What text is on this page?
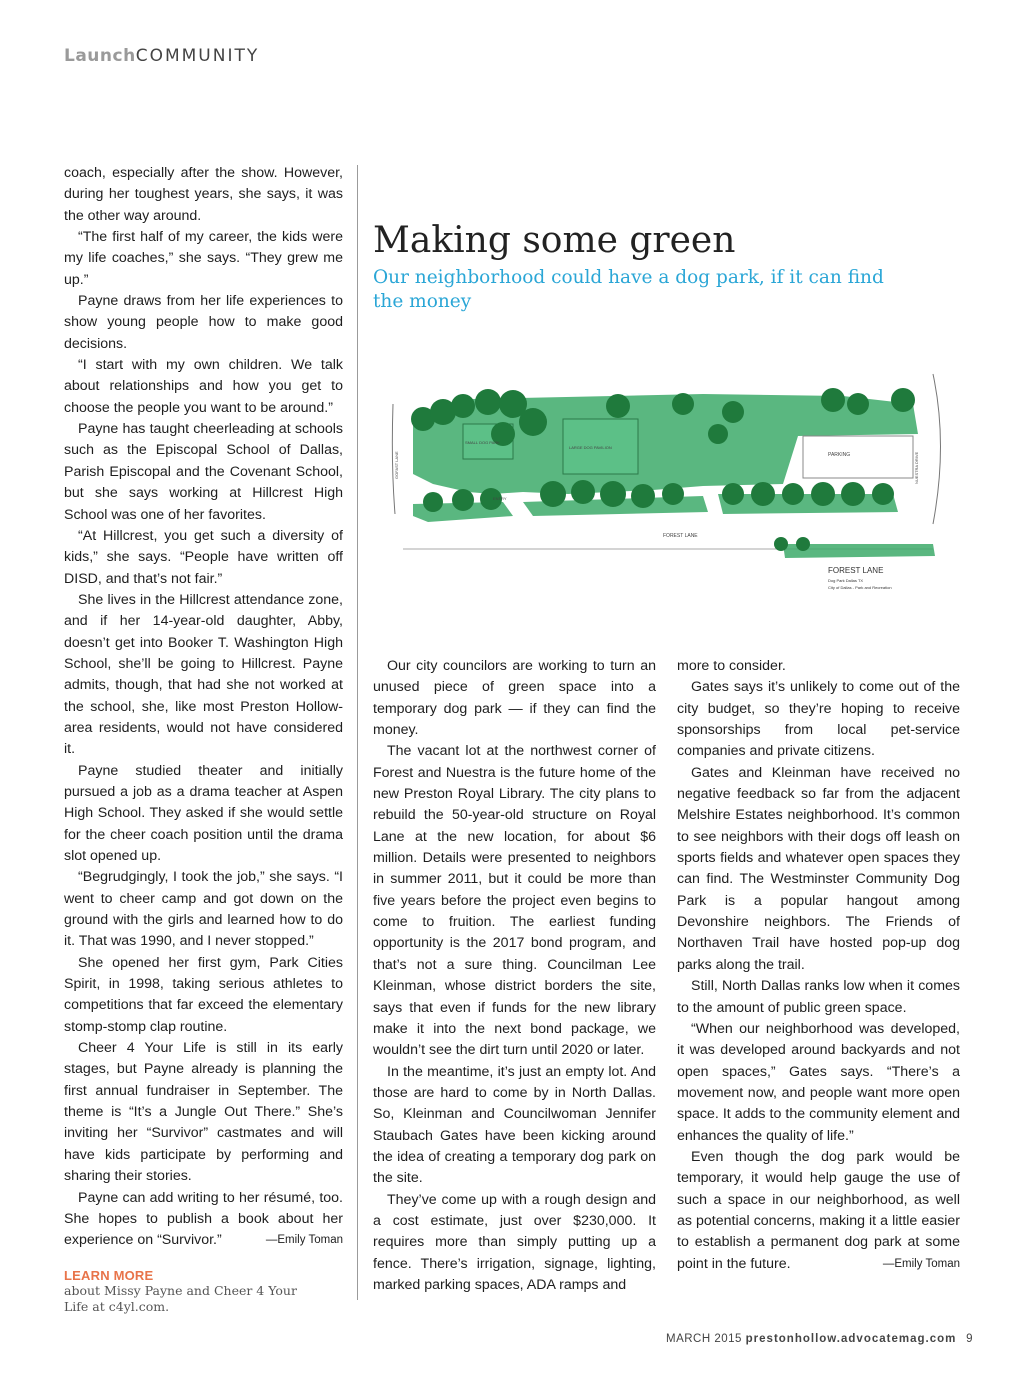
LaunchCOMMUNITY

coach, especially after the show. However, during her toughest years, she says, it was the other way around.

“The first half of my career, the kids were my life coaches,” she says. “They grew me up.”

Payne draws from her life experiences to show young people how to make good decisions.

“I start with my own children. We talk about relationships and how you get to choose the people you want to be around.”

Payne has taught cheerleading at schools such as the Episcopal School of Dallas, Parish Episcopal and the Covenant School, but she says working at Hillcrest High School was one of her favorites.

“At Hillcrest, you get such a diversity of kids,” she says. “People have written off DISD, and that’s not fair.”

She lives in the Hillcrest attendance zone, and if her 14-year-old daughter, Abby, doesn’t get into Booker T. Washington High School, she’ll be going to Hillcrest. Payne admits, though, that had she not worked at the school, she, like most Preston Hollow-area residents, would not have considered it.

Payne studied theater and initially pursued a job as a drama teacher at Aspen High School. They asked if she would settle for the cheer coach position until the drama slot opened up.

“Begrudgingly, I took the job,” she says. “I went to cheer camp and got down on the ground with the girls and learned how to do it. That was 1990, and I never stopped.”

She opened her first gym, Park Cities Spirit, in 1998, taking serious athletes to competitions that far exceed the elementary stomp-stomp clap routine.

Cheer 4 Your Life is still in its early stages, but Payne already is planning the first annual fundraiser in September. The theme is “It’s a Jungle Out There.” She’s inviting her “Survivor” castmates and will have kids participate by performing and sharing their stories.

Payne can add writing to her résumé, too. She hopes to publish a book about her experience on “Survivor.”	—Emily Toman

LEARN MORE
about Missy Payne and Cheer 4 Your Life at c4yl.com.
Making some green
Our neighborhood could have a dog park, if it can find the money
PARKING
LARGE DOG PAVILION
SMALL DOG PARK
ENTRY
FOREST LANE
FOREST LANE
Dog Park Dallas TX
City of Dallas - Park and Recreation
GOFAST LANE	NUESTRA DRIVE

Our city councilors are working to turn an unused piece of green space into a temporary dog park — if they can find the money.

The vacant lot at the northwest corner of Forest and Nuestra is the future home of the new Preston Royal Library. The city plans to rebuild the 50-year-old structure on Royal Lane at the new location, for about $6 million. Details were presented to neighbors in summer 2011, but it could be more than five years before the project even begins to come to fruition. The earliest funding opportunity is the 2017 bond program, and that’s not a sure thing. Councilman Lee Kleinman, whose district borders the site, says that even if funds for the new library make it into the next bond package, we wouldn’t see the dirt turn until 2020 or later.

In the meantime, it’s just an empty lot. And those are hard to come by in North Dallas. So, Kleinman and Councilwoman Jennifer Staubach Gates have been kicking around the idea of creating a temporary dog park on the site.

They’ve come up with a rough design and a cost estimate, just over $230,000. It requires more than simply putting up a fence. There’s irrigation, signage, lighting, marked parking spaces, ADA ramps and

more to consider.

Gates says it’s unlikely to come out of the city budget, so they’re hoping to receive sponsorships from local pet-service companies and private citizens.

Gates and Kleinman have received no negative feedback so far from the adjacent Melshire Estates neighborhood. It’s common to see neighbors with their dogs off leash on sports fields and whatever open spaces they can find. The Westminster Community Dog Park is a popular hangout among Devonshire neighbors. The Friends of Northaven Trail have hosted pop-up dog parks along the trail.

Still, North Dallas ranks low when it comes to the amount of public green space.

“When our neighborhood was developed, it was developed around backyards and not open spaces,” Gates says. “There’s a movement now, and people want more open space. It adds to the community element and enhances the quality of life.”

Even though the dog park would be temporary, it would help gauge the use of such a space in our neighborhood, as well as potential concerns, making it a little easier to establish a permanent dog park at some point in the future.	—Emily Toman

MARCH 2015 prestonhollow.advocatemag.com 9
